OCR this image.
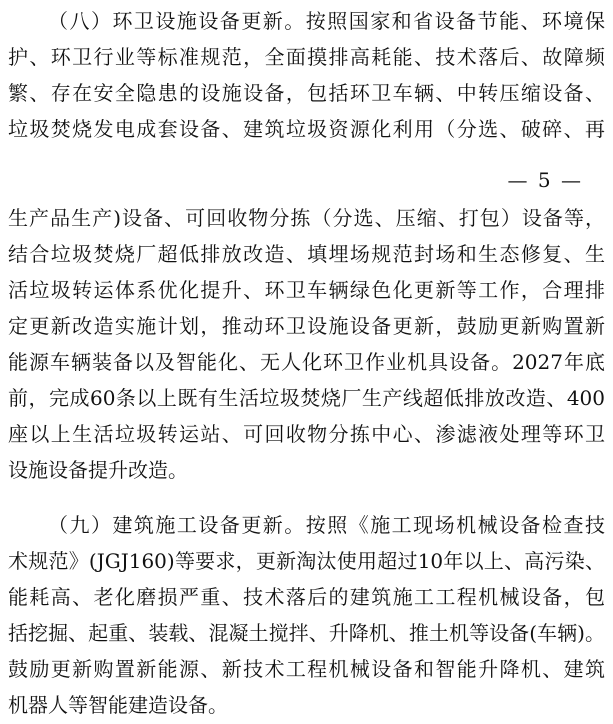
（八）环卫设施设备更新。按照国家和省设备节能、环境保
护、环卫行业等标准规范，全面摸排高耗能、技术落后、故障频
繁、存在安全隐患的设施设备，包括环卫车辆、中转压缩设备、
垃圾焚烧发电成套设备、建筑垃圾资源化利用（分选、破碎、再
— 5 —
生产品生产)设备、可回收物分拣（分选、压缩、打包）设备等，
结合垃圾焚烧厂超低排放改造、填埋场规范封场和生态修复、生
活垃圾转运体系优化提升、环卫车辆绿色化更新等工作，合理排
定更新改造实施计划，推动环卫设施设备更新，鼓励更新购置新
能源车辆装备以及智能化、无人化环卫作业机具设备。2027年底
前，完成60条以上既有生活垃圾焚烧厂生产线超低排放改造、400
座以上生活垃圾转运站、可回收物分拣中心、渗滤液处理等环卫
设施设备提升改造。
（九）建筑施工设备更新。按照《施工现场机械设备检查技
术规范》(JGJ160)等要求，更新淘汰使用超过10年以上、高污染、
能耗高、老化磨损严重、技术落后的建筑施工工程机械设备，包
括挖掘、起重、装载、混凝土搅拌、升降机、推土机等设备(车辆)。
鼓励更新购置新能源、新技术工程机械设备和智能升降机、建筑
机器人等智能建造设备。
